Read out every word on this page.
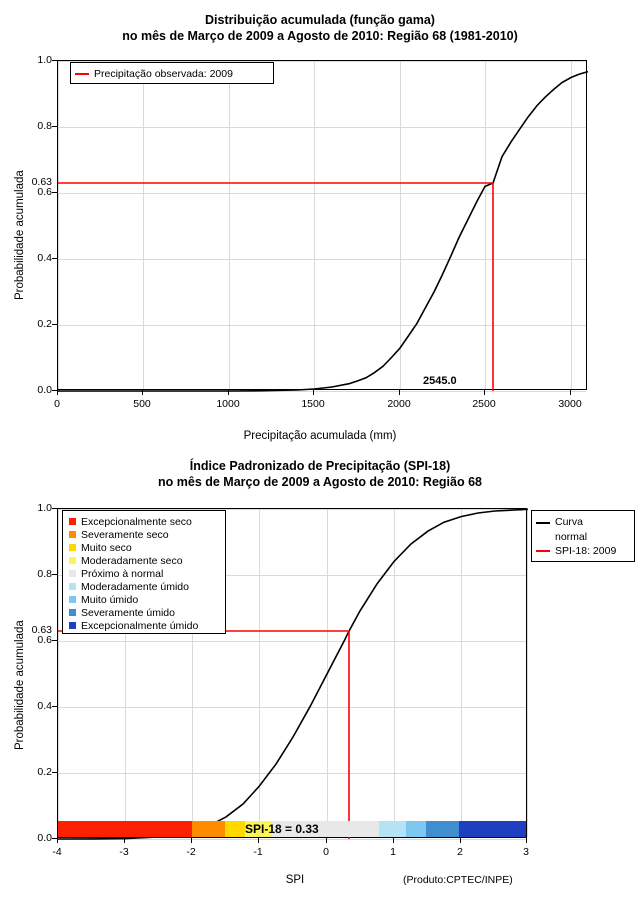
Distribuição acumulada (função gama)
no mês de Março de 2009 a Agosto de 2010: Região 68 (1981-2010)
0.0
0.2
0.4
0.6
0.8
1.0
0.63
0	500	1000	1500	2000	2500	3000
2545.0
Precipitação acumulada (mm)
Probabilidade acumulada
Precipitação observada: 2009
Índice Padronizado de Precipitação (SPI-18)
no mês de Março de 2009 a Agosto de 2010: Região 68
SPI-18 = 0.33
0.0
0.2
0.4
0.6
0.8
1.0
0.63
-4	-3	-2	-1	0	1	2	3
SPI
Probabilidade acumulada
(Produto:CPTEC/INPE)
Excepcionalmente seco
Severamente seco
Muito seco
Moderadamente seco
Próximo à normal
Moderadamente úmido
Muito úmido
Severamente úmido
Excepcionalmente úmido
Curva
normal
SPI-18: 2009
